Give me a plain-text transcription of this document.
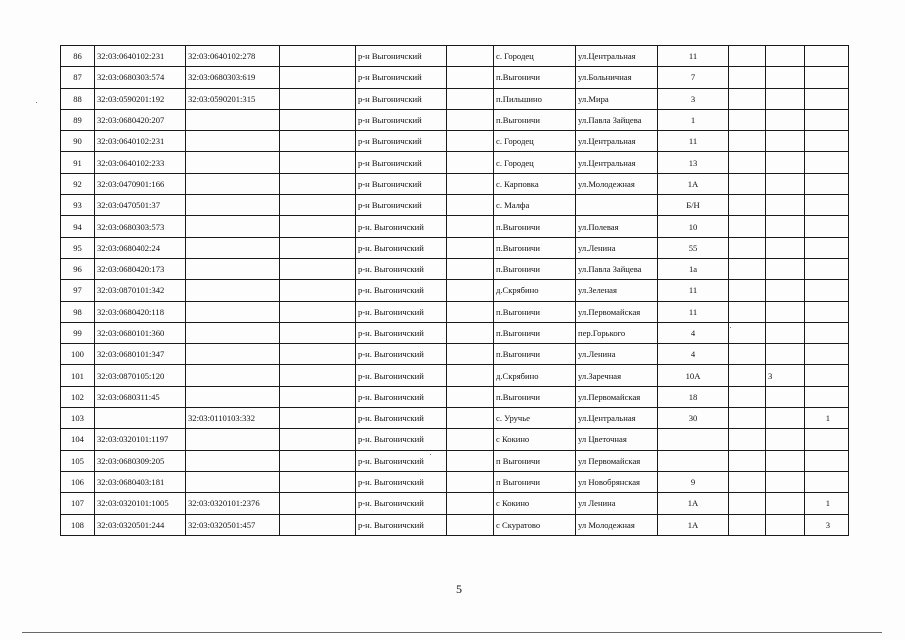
86	32:03:0640102:231	32:03:0640102:278		р-н Выгоничский		с. Городец	ул.Центральная	11			
87	32:03:0680303:574	32:03:0680303:619		р-н Выгоничский		п.Выгоничи	ул.Больничная	7			
88	32:03:0590201:192	32:03:0590201:315		р-н Выгоничский		п.Пильшино	ул.Мира	3			
89	32:03:0680420:207			р-н Выгоничский		п.Выгоничи	ул.Павла Зайцева	1			
90	32:03:0640102:231			р-н Выгоничский		с. Городец	ул.Центральная	11			
91	32:03:0640102:233			р-н Выгоничский		с. Городец	ул.Центральная	13			
92	32:03:0470901:166			р-н Выгоничский		с. Карповка	ул.Молодежная	1А			
93	32:03:0470501:37			р-н Выгоничский		с. Малфа		Б/Н			
94	32:03:0680303:573			р-н. Выгоничский		п.Выгоничи	ул.Полевая	10			
95	32:03:0680402:24			р-н. Выгоничский		п.Выгоничи	ул.Ленина	55			
96	32:03:0680420:173			р-н. Выгоничский		п.Выгоничи	ул.Павла Зайцева	1а			
97	32:03:0870101:342			р-н. Выгоничский		д.Скрябино	ул.Зеленая	11			
98	32:03:0680420:118			р-н. Выгоничский		п.Выгоничи	ул.Первомайская	11			
99	32:03:0680101:360			р-н. Выгоничский		п.Выгоничи	пер.Горького	4			
100	32:03:0680101:347			р-н. Выгоничский		п.Выгоничи	ул.Ленина	4			
101	32:03:0870105:120			р-н. Выгоничский		д.Скрябино	ул.Заречная	10А		3	
102	32:03:0680311:45			р-н. Выгоничский		п.Выгоничи	ул.Первомайская	18			
103		32:03:0110103:332		р-н. Выгоничский		с. Уручье	ул.Центральная	30			1
104	32:03:0320101:1197			р-н. Выгоничский		с Кокино	ул Цветочная				
105	32:03:0680309:205			р-н. Выгоничский		п Выгоничи	ул Первомайская				
106	32:03:0680403:181			р-н. Выгоничский		п Выгоничи	ул Новобрянская	9			
107	32:03:0320101:1005	32:03:0320101:2376		р-н. Выгоничский		с Кокино	ул Ленина	1А			1
108	32:03:0320501:244	32:03:0320501:457		р-н. Выгоничский		с Скуратово	ул Молодежная	1А			3
5
